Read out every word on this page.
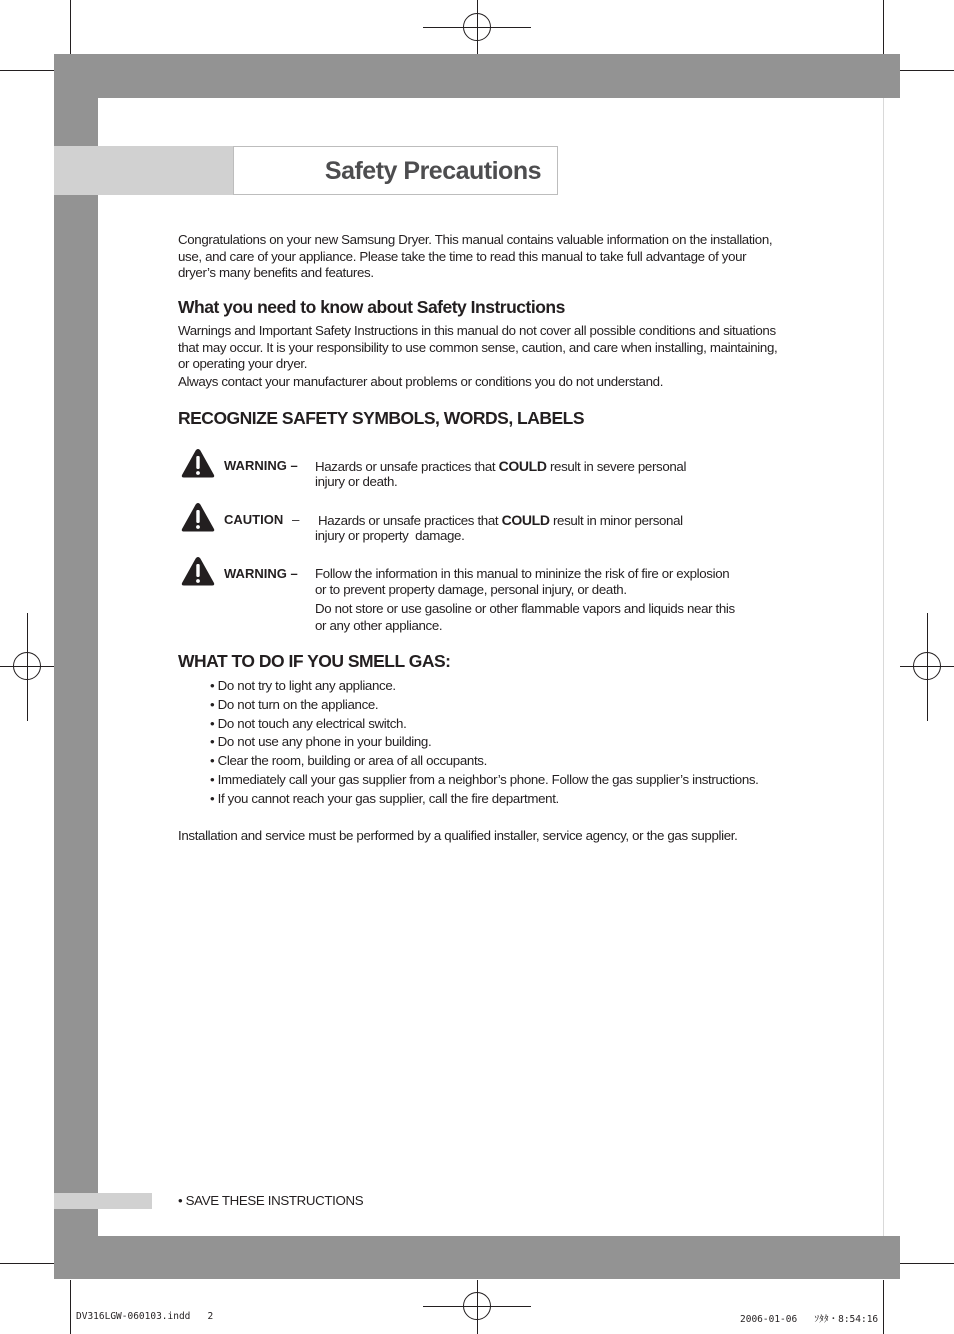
Safety Precautions
Congratulations on your new Samsung Dryer. This manual contains valuable information on the installation, use, and care of your appliance. Please take the time to read this manual to take full advantage of your dryer’s many benefits and features.
What you need to know about Safety Instructions
Warnings and Important Safety Instructions in this manual do not cover all possible conditions and situations that may occur. It is your responsibility to use common sense, caution, and care when installing, maintaining, or operating your dryer.
Always contact your manufacturer about problems or conditions you do not understand.
RECOGNIZE SAFETY SYMBOLS, WORDS, LABELS
WARNING – Hazards or unsafe practices that COULD result in severe personal
injury or death.
CAUTION – Hazards or unsafe practices that COULD result in minor personal
injury or property  damage.
WARNING – Follow the information in this manual to mininize the risk of fire or explosion
or to prevent property damage, personal injury, or death.
Do not store or use gasoline or other flammable vapors and liquids near this
or any other appliance.
WHAT TO DO IF YOU SMELL GAS:
• Do not try to light any appliance.
• Do not turn on the appliance.
• Do not touch any electrical switch.
• Do not use any phone in your building.
• Clear the room, building or area of all occupants.
• Immediately call your gas supplier from a neighbor’s phone. Follow the gas supplier’s instructions.
• If you cannot reach your gas supplier, call the fire department.
Installation and service must be performed by a qualified installer, service agency, or the gas supplier.
• SAVE THESE INSTRUCTIONS
DV316LGW-060103.indd   2	2006-01-06   ｿﾀﾀ・8:54:16
